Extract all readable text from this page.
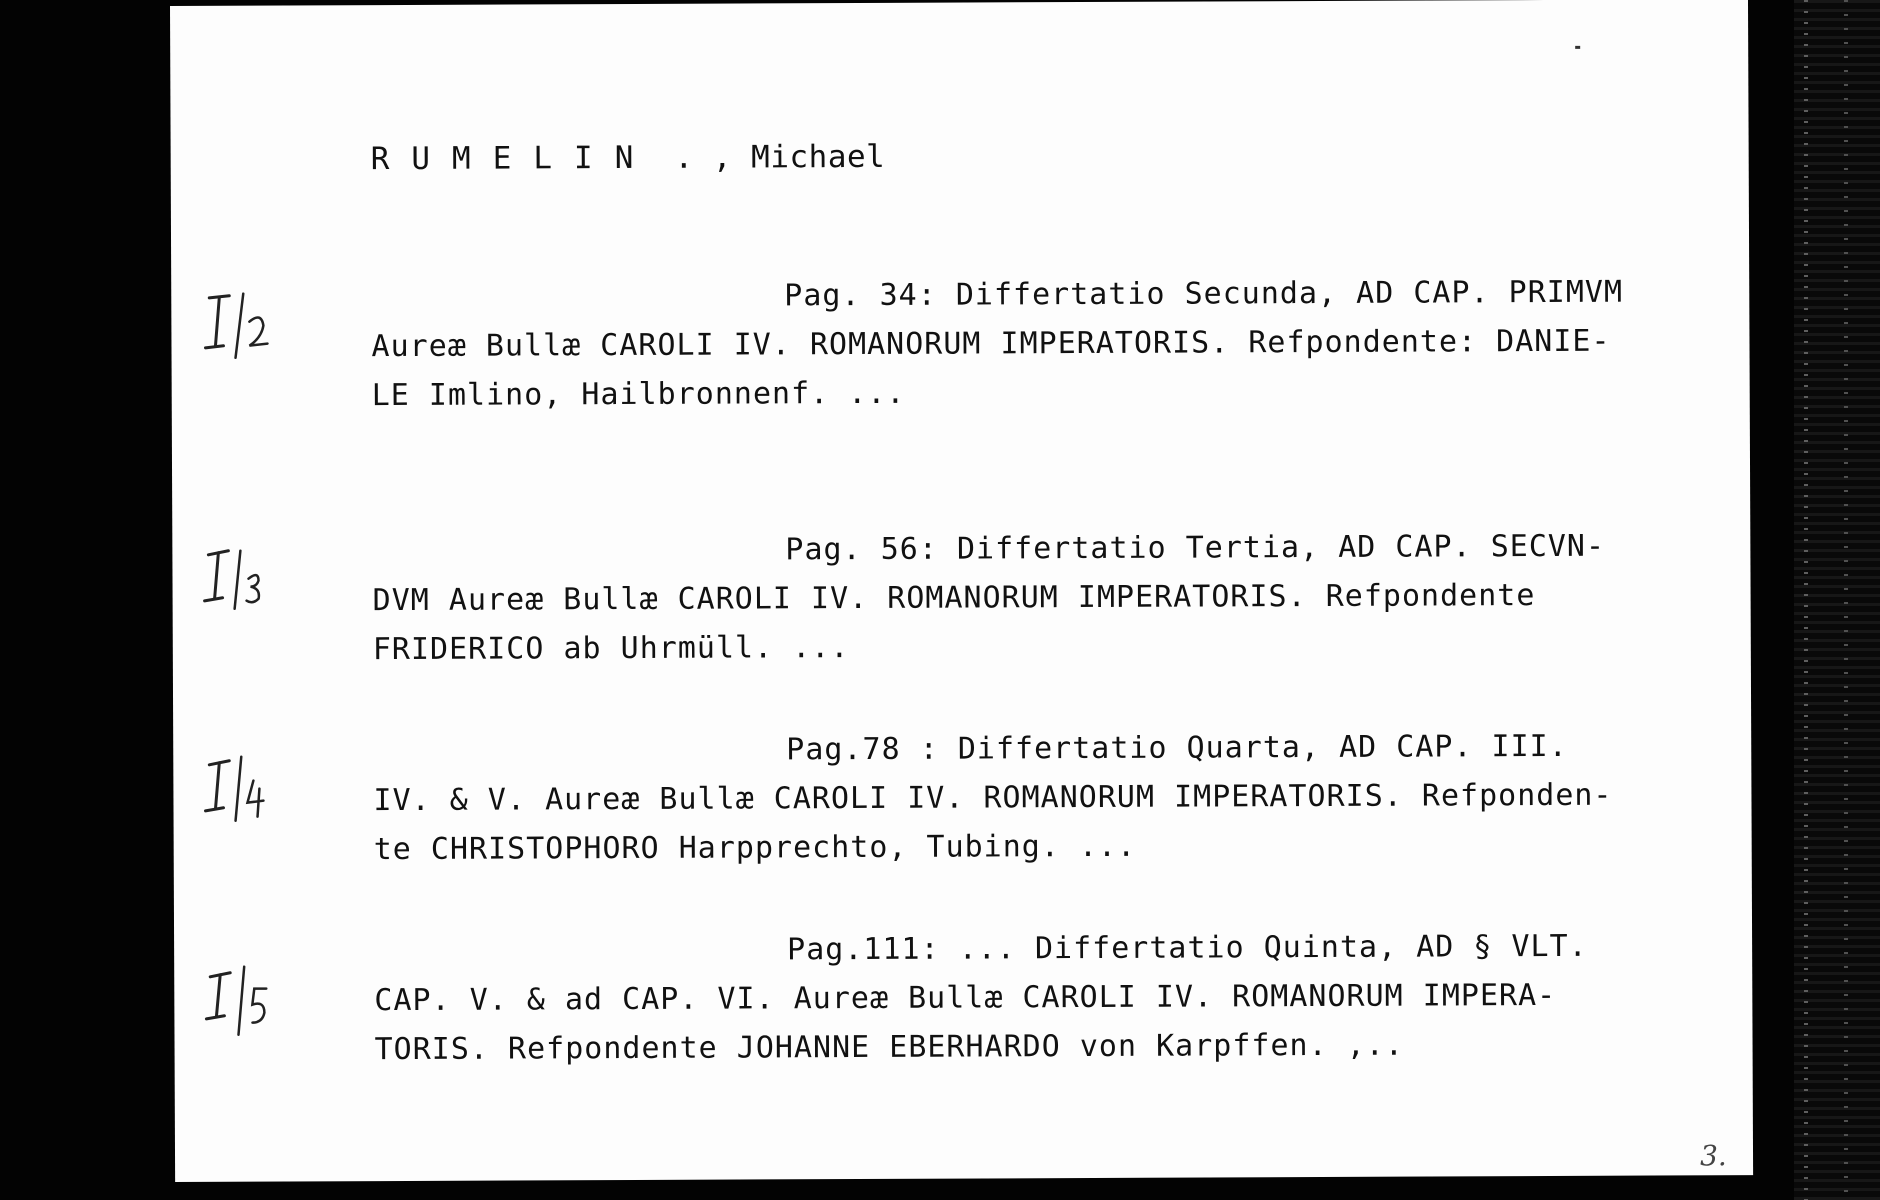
RUMELIN . , Michael
Pag. 34: Differtatio Secunda, AD CAP. PRIMVM
Aureæ Bullæ CAROLI IV. ROMANORUM IMPERATORIS. Refpondente: DANIE-
LE Imlino, Hailbronnenf. ...
Pag. 56: Differtatio Tertia, AD CAP. SECVN-
DVM Aureæ Bullæ CAROLI IV. ROMANORUM IMPERATORIS. Refpondente
FRIDERICO ab Uhrmüll. ...
Pag.78 : Differtatio Quarta, AD CAP. III.
IV. & V. Aureæ Bullæ CAROLI IV. ROMANORUM IMPERATORIS. Refponden-
te CHRISTOPHORO Harpprechto, Tubing. ...
Pag.111: ... Differtatio Quinta, AD § VLT.
CAP. V. & ad CAP. VI. Aureæ Bullæ CAROLI IV. ROMANORUM IMPERA-
TORIS. Refpondente JOHANNE EBERHARDO von Karpffen. ,..
3.
